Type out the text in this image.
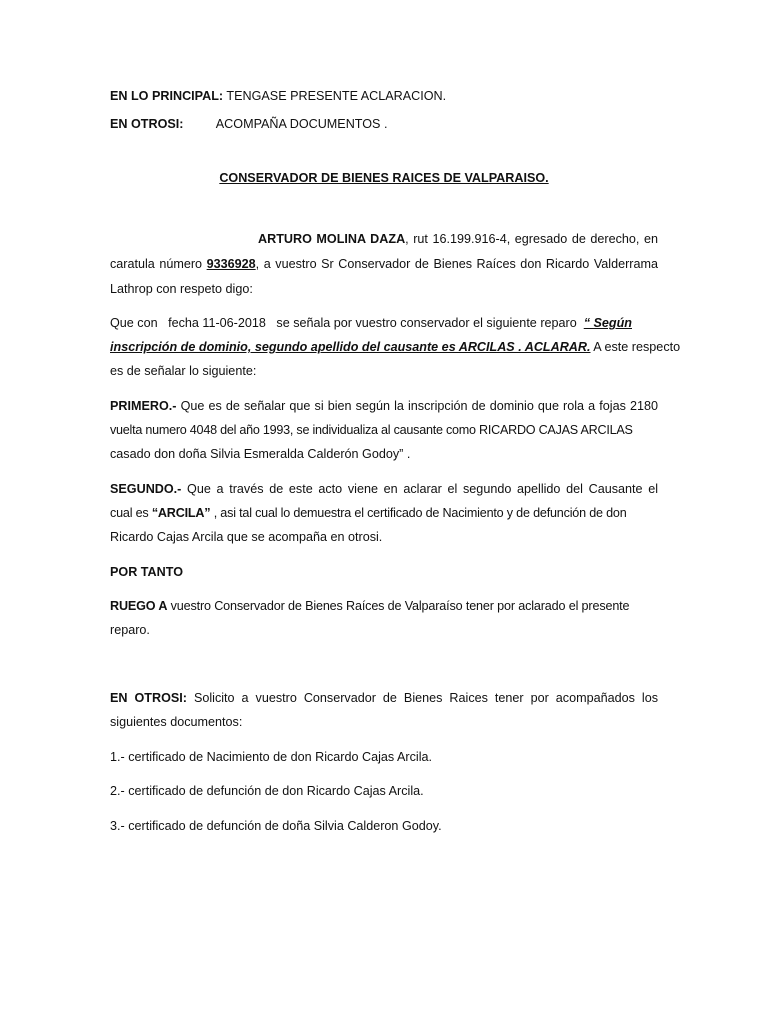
EN LO PRINCIPAL: TENGASE PRESENTE ACLARACION.
EN OTROSI:	ACOMPAÑA DOCUMENTOS .
CONSERVADOR DE BIENES RAICES DE VALPARAISO.
ARTURO MOLINA DAZA, rut 16.199.916-4, egresado de derecho, en
caratula número 9336928, a vuestro Sr Conservador de Bienes Raíces don Ricardo Valderrama
Lathrop con respeto digo:
Que con   fecha 11-06-2018   se señala por vuestro conservador el siguiente reparo  “ Según
inscripción de dominio, segundo apellido del causante es ARCILAS . ACLARAR. A este respecto
es de señalar lo siguiente:
PRIMERO.- Que es de señalar que si bien según la inscripción de dominio que rola a fojas 2180
vuelta numero 4048 del año 1993, se individualiza al causante como RICARDO CAJAS ARCILAS
casado don doña Silvia Esmeralda Calderón Godoy” .
SEGUNDO.- Que a través de este acto viene en aclarar el segundo apellido del Causante el
cual es “ARCILA” , asi tal cual lo demuestra el certificado de Nacimiento y de defunción de don
Ricardo Cajas Arcila que se acompaña en otrosi.
POR TANTO
RUEGO A vuestro Conservador de Bienes Raíces de Valparaíso tener por aclarado el presente
reparo.
EN OTROSI: Solicito a vuestro Conservador de Bienes Raices tener por acompañados los
siguientes documentos:
1.- certificado de Nacimiento de don Ricardo Cajas Arcila.
2.- certificado de defunción de don Ricardo Cajas Arcila.
3.- certificado de defunción de doña Silvia Calderon Godoy.
